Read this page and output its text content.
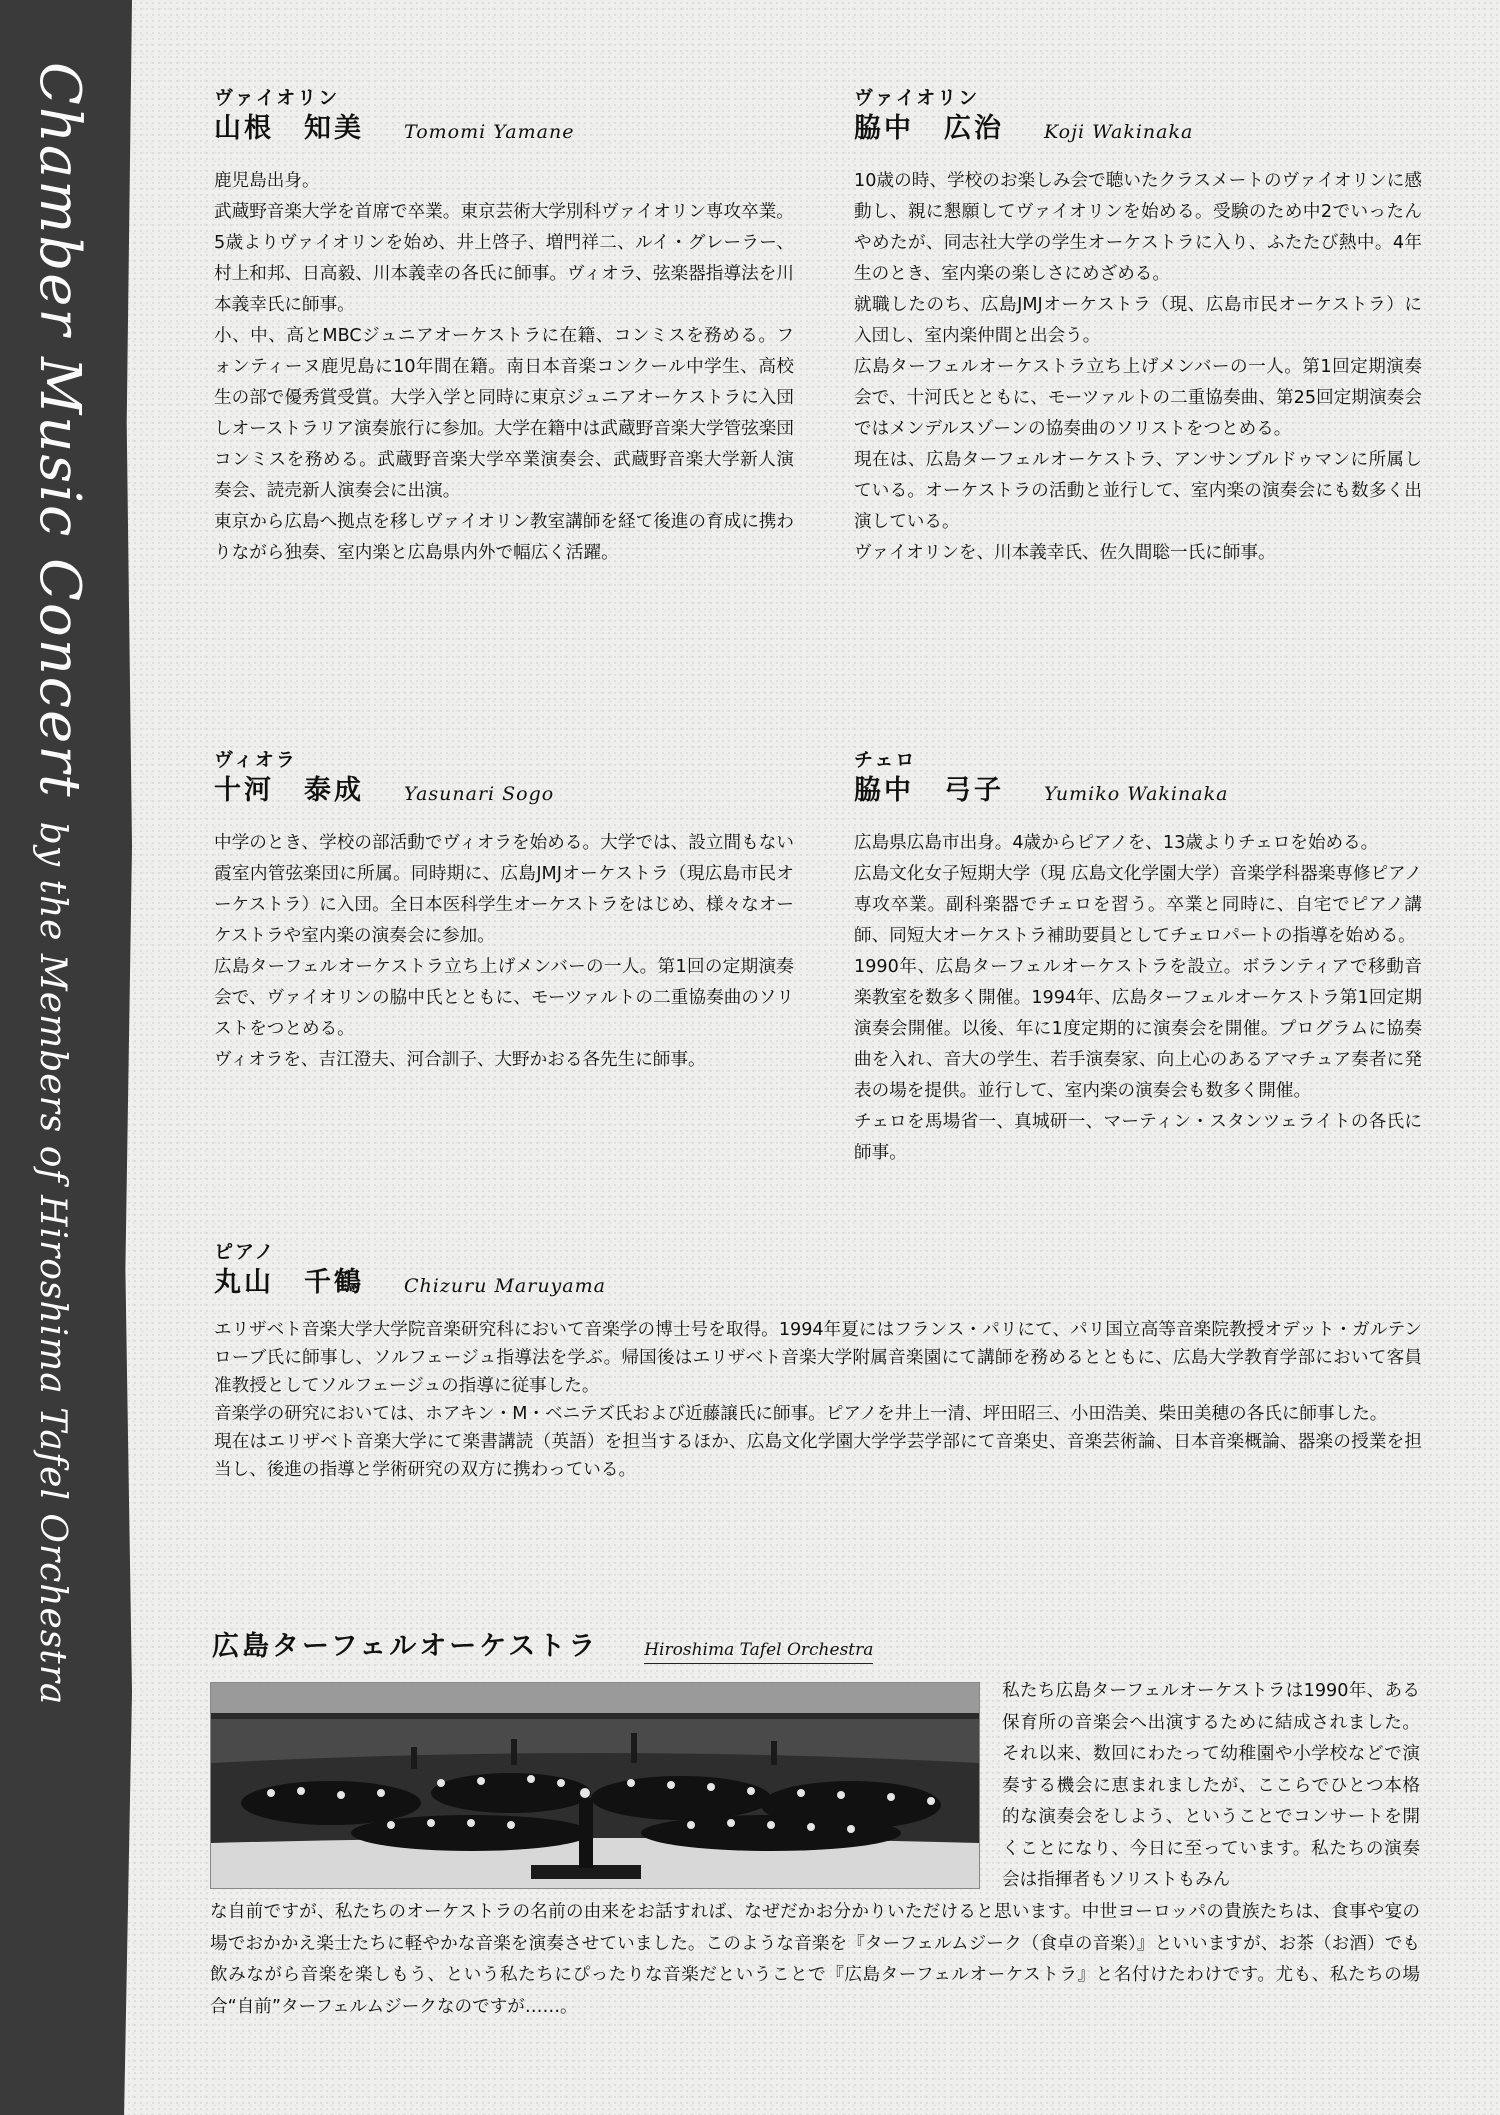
Chamber Music Concert by the Members of Hiroshima Tafel Orchestra
ヴァイオリン
山根　知美 Tomomi Yamane

鹿児島出身。

武蔵野音楽大学を首席で卒業。東京芸術大学別科ヴァイオリン専攻卒業。

5歳よりヴァイオリンを始め、井上啓子、増門祥二、ルイ・グレーラー、村上和邦、日高毅、川本義幸の各氏に師事。ヴィオラ、弦楽器指導法を川本義幸氏に師事。

小、中、高とMBCジュニアオーケストラに在籍、コンミスを務める。フォンティーヌ鹿児島に10年間在籍。南日本音楽コンクール中学生、高校生の部で優秀賞受賞。大学入学と同時に東京ジュニアオーケストラに入団しオーストラリア演奏旅行に参加。大学在籍中は武蔵野音楽大学管弦楽団コンミスを務める。武蔵野音楽大学卒業演奏会、武蔵野音楽大学新人演奏会、読売新人演奏会に出演。

東京から広島へ拠点を移しヴァイオリン教室講師を経て後進の育成に携わりながら独奏、室内楽と広島県内外で幅広く活躍。

ヴァイオリン
脇中　広治 Koji Wakinaka

10歳の時、学校のお楽しみ会で聴いたクラスメートのヴァイオリンに感動し、親に懇願してヴァイオリンを始める。受験のため中2でいったんやめたが、同志社大学の学生オーケストラに入り、ふたたび熱中。4年生のとき、室内楽の楽しさにめざめる。

就職したのち、広島JMJオーケストラ（現、広島市民オーケストラ）に入団し、室内楽仲間と出会う。

広島ターフェルオーケストラ立ち上げメンバーの一人。第1回定期演奏会で、十河氏とともに、モーツァルトの二重協奏曲、第25回定期演奏会ではメンデルスゾーンの協奏曲のソリストをつとめる。

現在は、広島ターフェルオーケストラ、アンサンブルドゥマンに所属している。オーケストラの活動と並行して、室内楽の演奏会にも数多く出演している。

ヴァイオリンを、川本義幸氏、佐久間聡一氏に師事。

ヴィオラ
十河　泰成 Yasunari Sogo

中学のとき、学校の部活動でヴィオラを始める。大学では、設立間もない霞室内管弦楽団に所属。同時期に、広島JMJオーケストラ（現広島市民オーケストラ）に入団。全日本医科学生オーケストラをはじめ、様々なオーケストラや室内楽の演奏会に参加。

広島ターフェルオーケストラ立ち上げメンバーの一人。第1回の定期演奏会で、ヴァイオリンの脇中氏とともに、モーツァルトの二重協奏曲のソリストをつとめる。

ヴィオラを、吉江澄夫、河合訓子、大野かおる各先生に師事。

チェロ
脇中　弓子 Yumiko Wakinaka

広島県広島市出身。4歳からピアノを、13歳よりチェロを始める。

広島文化女子短期大学（現 広島文化学園大学）音楽学科器楽専修ピアノ専攻卒業。副科楽器でチェロを習う。卒業と同時に、自宅でピアノ講師、同短大オーケストラ補助要員としてチェロパートの指導を始める。

1990年、広島ターフェルオーケストラを設立。ボランティアで移動音楽教室を数多く開催。1994年、広島ターフェルオーケストラ第1回定期演奏会開催。以後、年に1度定期的に演奏会を開催。プログラムに協奏曲を入れ、音大の学生、若手演奏家、向上心のあるアマチュア奏者に発表の場を提供。並行して、室内楽の演奏会も数多く開催。

チェロを馬場省一、真城研一、マーティン・スタンツェライトの各氏に師事。

ピアノ
丸山　千鶴 Chizuru Maruyama

エリザベト音楽大学大学院音楽研究科において音楽学の博士号を取得。1994年夏にはフランス・パリにて、パリ国立高等音楽院教授オデット・ガルテンローブ氏に師事し、ソルフェージュ指導法を学ぶ。帰国後はエリザベト音楽大学附属音楽園にて講師を務めるとともに、広島大学教育学部において客員准教授としてソルフェージュの指導に従事した。

音楽学の研究においては、ホアキン・M・ベニテズ氏および近藤譲氏に師事。ピアノを井上一清、坪田昭三、小田浩美、柴田美穂の各氏に師事した。

現在はエリザベト音楽大学にて楽書講読（英語）を担当するほか、広島文化学園大学学芸学部にて音楽史、音楽芸術論、日本音楽概論、器楽の授業を担当し、後進の指導と学術研究の双方に携わっている。

広島ターフェルオーケストラ	Hiroshima Tafel Orchestra

私たち広島ターフェルオーケストラは1990年、ある保育所の音楽会へ出演するために結成されました。それ以来、数回にわたって幼稚園や小学校などで演奏する機会に恵まれましたが、ここらでひとつ本格的な演奏会をしよう、ということでコンサートを開くことになり、今日に至っています。私たちの演奏会は指揮者もソリストもみん

な自前ですが、私たちのオーケストラの名前の由来をお話すれば、なぜだかお分かりいただけると思います。中世ヨーロッパの貴族たちは、食事や宴の場でおかかえ楽士たちに軽やかな音楽を演奏させていました。このような音楽を『ターフェルムジーク（食卓の音楽）』といいますが、お茶（お酒）でも飲みながら音楽を楽しもう、という私たちにぴったりな音楽だということで『広島ターフェルオーケストラ』と名付けたわけです。尤も、私たちの場合“自前”ターフェルムジークなのですが……。
